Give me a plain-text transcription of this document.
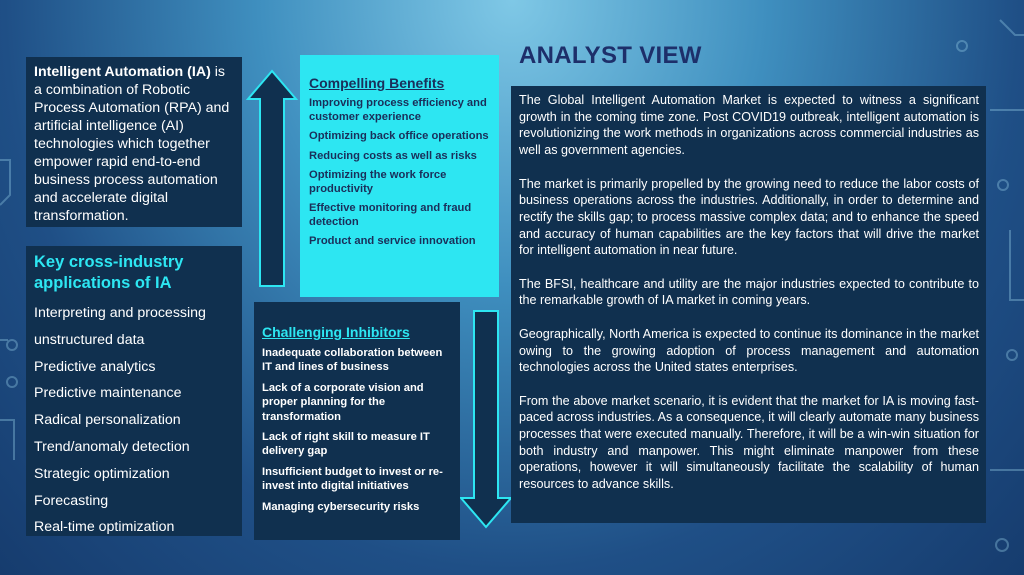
Intelligent Automation (IA) is a combination of Robotic Process Automation (RPA) and artificial intelligence (AI) technologies which together empower rapid end-to-end business process automation and accelerate digital transformation.
Key cross-industry applications of IA
Interpreting and processing
unstructured data
Predictive analytics
Predictive maintenance
Radical personalization
Trend/anomaly detection
Strategic optimization
Forecasting
Real-time optimization
Compelling Benefits
Improving process efficiency and customer experience
Optimizing back office operations
Reducing costs as well as risks
Optimizing the work force productivity
Effective monitoring and fraud detection
Product and service innovation
Challenging Inhibitors
Inadequate collaboration between IT and lines of business
Lack of a corporate vision and proper planning for the transformation
Lack of right skill to measure IT delivery gap
Insufficient budget to invest or re-invest into digital initiatives
Managing cybersecurity risks
ANALYST VIEW

The Global Intelligent Automation Market is expected to witness a significant growth in the coming time zone. Post COVID19 outbreak, intelligent automation is revolutionizing the work methods in organizations across commercial industries as well as government agencies.

The market is primarily propelled by the growing need to reduce the labor costs of business operations across the industries. Additionally, in order to determine and rectify the skills gap; to process massive complex data; and to enhance the speed and accuracy of human capabilities are the key factors that will drive the market for intelligent automation in near future.

The BFSI, healthcare and utility are the major industries expected to contribute to the remarkable growth of IA market in coming years.

Geographically, North America is expected to continue its dominance in the market owing to the growing adoption of process management and automation technologies across the United states enterprises.

From the above market scenario, it is evident that the market for IA is moving fast-paced across industries. As a consequence, it will clearly automate many business processes that were executed manually. Therefore, it will be a win-win situation for both industry and manpower. This might eliminate manpower from these operations, however it will simultaneously facilitate the scalability of human resources to advance skills.
